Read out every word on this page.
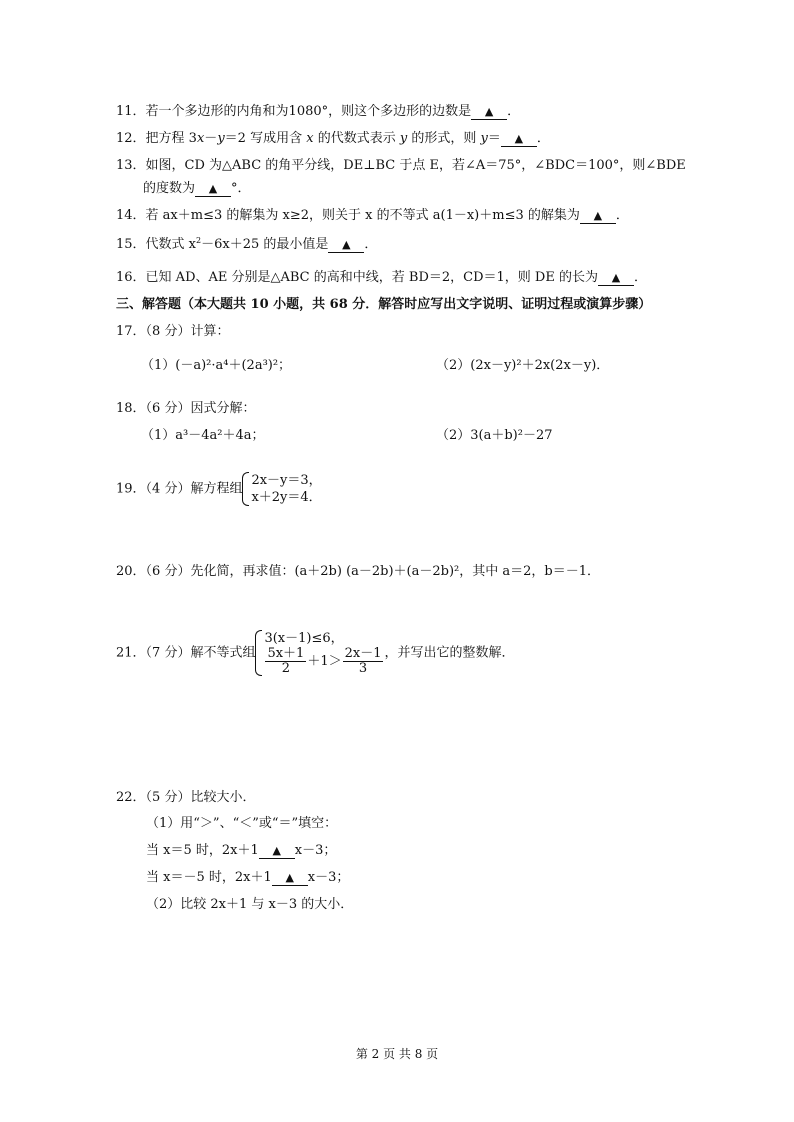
11．若一个多边形的内角和为1080°，则这个多边形的边数是 ▲ ．
12．把方程 3x－y＝2 写成用含 x 的代数式表示 y 的形式，则 y＝ ▲ ．
13．如图，CD 为△ABC 的角平分线，DE⊥BC 于点 E，若∠A＝75°，∠BDC＝100°，则∠BDE
的度数为 ▲ °．
14．若 ax＋m≤3 的解集为 x≥2，则关于 x 的不等式 a(1－x)＋m≤3 的解集为 ▲ ．
15．代数式 $x^2-6x+25$ 的最小值是 ▲ ．
16．已知 AD、AE 分别是△ABC 的高和中线，若 BD＝2，CD＝1，则 DE 的长为 ▲ ．
三、解答题（本大题共 10 小题，共 68 分．解答时应写出文字说明、证明过程或演算步骤）
17．（8 分）计算：
（1）(－a)²·a⁴＋(2a³)²；	（2）(2x－y)²＋2x(2x－y)．
18．（6 分）因式分解：
（1）a³－4a²＋4a；	（2）3(a＋b)²－27
19．（4 分）解方程组
2x－y＝3，
x＋2y＝4．
20．（6 分）先化简，再求值：(a＋2b) (a－2b)＋(a－2b)²，其中 a＝2，b＝－1．
21．（7 分）解不等式组
3(x－1)≤6，
$\frac{5x+1}{2} +1> \frac{2x-1}{3}$ ，并写出它的整数解．
22．（5 分）比较大小．
（1）用“＞”、“＜”或“＝”填空：
当 x＝5 时，2x＋1 ▲ x－3；
当 x＝－5 时，2x＋1 ▲ x－3；
（2）比较 2x＋1 与 x－3 的大小．
第 2 页 共 8 页
